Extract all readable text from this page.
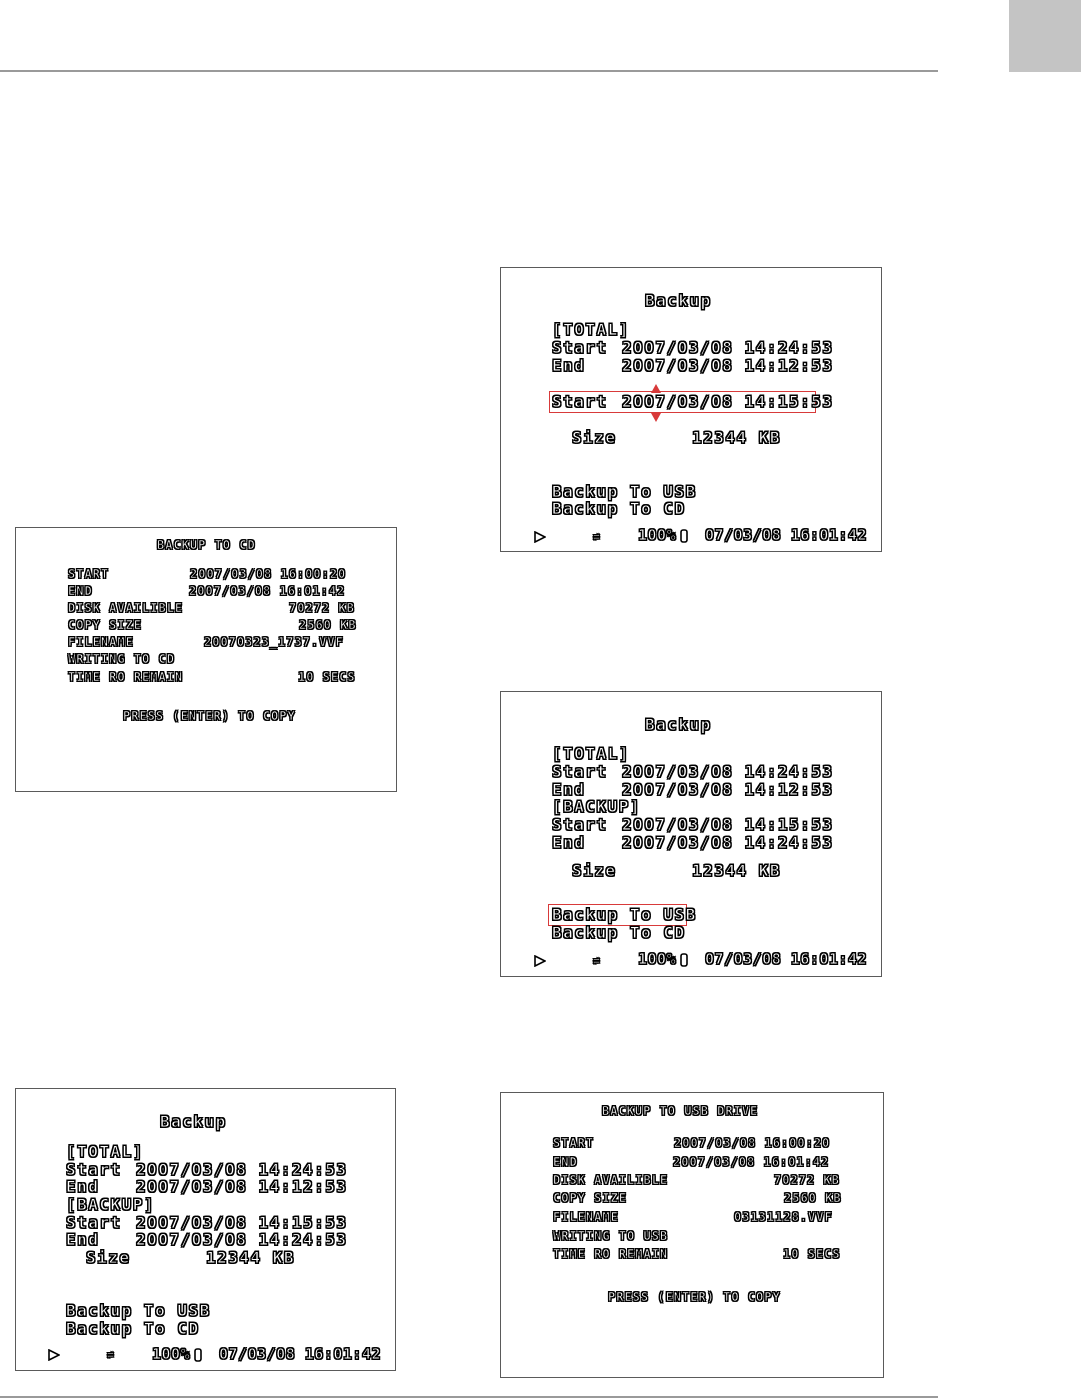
BACKUP TO CD
START	2007/03/08 16:00:20
END	2007/03/08 16:01:42
DISK AVAILIBLE	70272 KB
COPY SIZE	2560 KB
FILENAME	20070323_1737.VVF
WRITING TO CD
TIME RO REMAIN	10 SECS
PRESS (ENTER) TO COPY
Backup
[TOTAL]
Start 2007/03/08 14:24:53
End 2007/03/08 14:12:53
Start 2007/03/08 14:15:53
Size	12344 KB
Backup To USB
Backup To CD
⇌ 100% 07/03/08 16:01:42
Backup
[TOTAL]
Start 2007/03/08 14:24:53
End 2007/03/08 14:12:53
[BACKUP]
Start 2007/03/08 14:15:53
End 2007/03/08 14:24:53
Size	12344 KB
Backup To USB
Backup To CD
⇌ 100% 07/03/08 16:01:42
Backup
[TOTAL]
Start 2007/03/08 14:24:53
End 2007/03/08 14:12:53
[BACKUP]
Start 2007/03/08 14:15:53
End 2007/03/08 14:24:53
Size	12344 KB
Backup To USB
Backup To CD
⇌ 100% 07/03/08 16:01:42
BACKUP TO USB DRIVE
START	2007/03/08 16:00:20
END	2007/03/08 16:01:42
DISK AVAILIBLE	70272 KB
COPY SIZE	2560 KB
FILENAME	03131128.VVF
WRITING TO USB
TIME RO REMAIN	10 SECS
PRESS (ENTER) TO COPY
